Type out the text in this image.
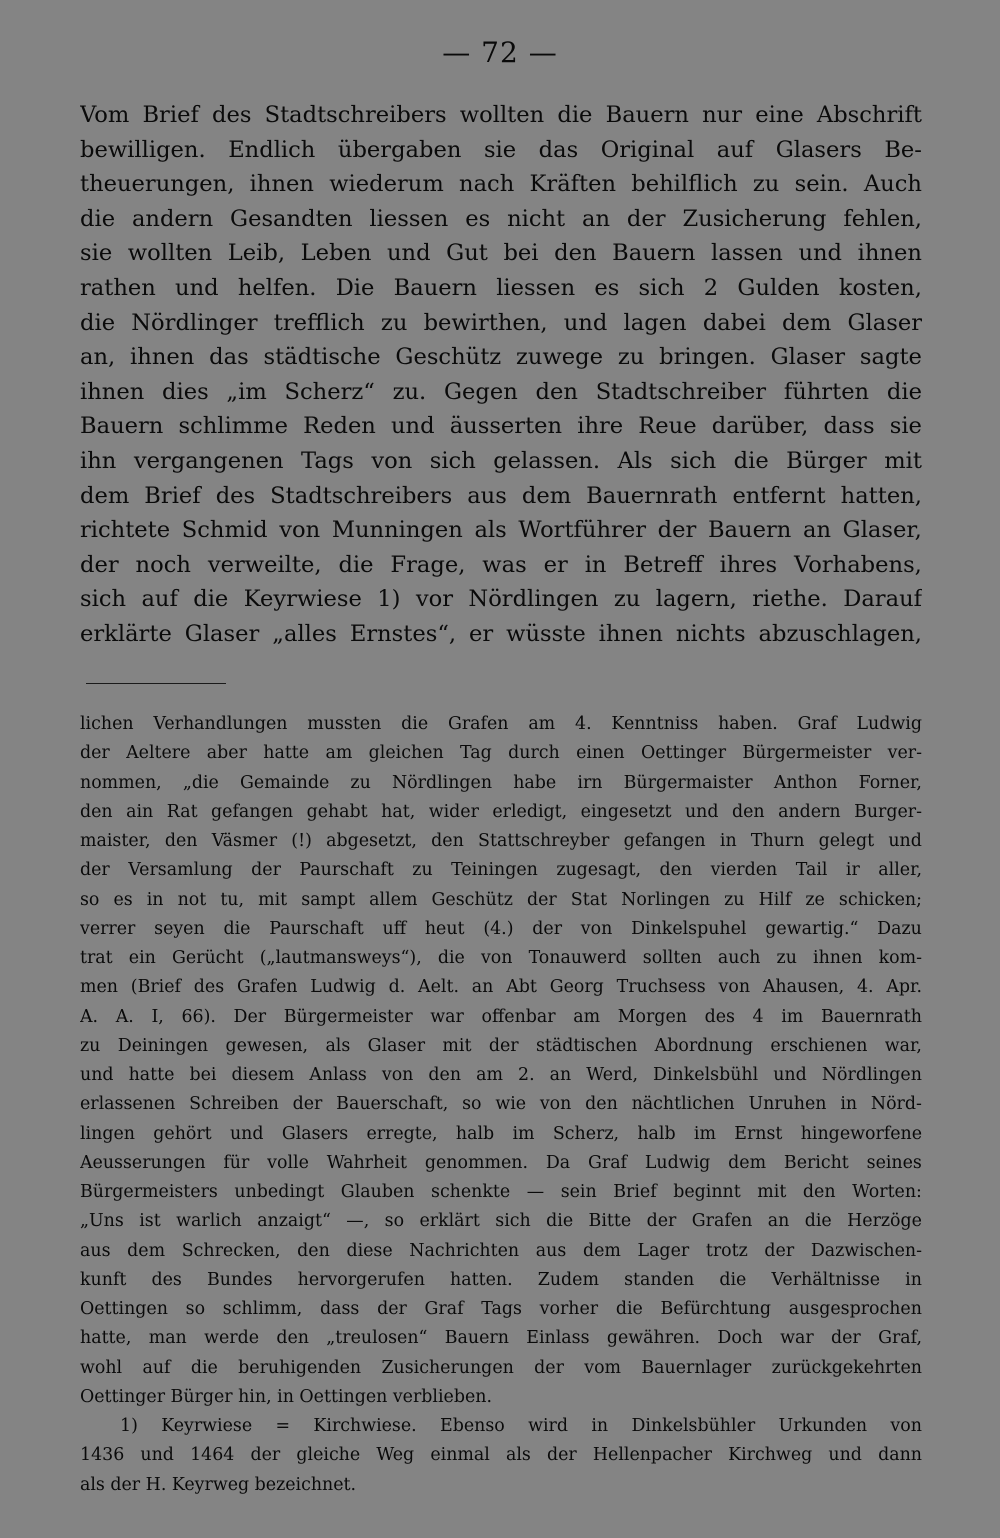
— 72 —
Vom Brief des Stadtschreibers wollten die Bauern nur eine Abschrift
bewilligen. Endlich übergaben sie das Original auf Glasers Be-
theuerungen, ihnen wiederum nach Kräften behilflich zu sein. Auch
die andern Gesandten liessen es nicht an der Zusicherung fehlen,
sie wollten Leib, Leben und Gut bei den Bauern lassen und ihnen
rathen und helfen. Die Bauern liessen es sich 2 Gulden kosten,
die Nördlinger trefflich zu bewirthen, und lagen dabei dem Glaser
an, ihnen das städtische Geschütz zuwege zu bringen. Glaser sagte
ihnen dies „im Scherz“ zu. Gegen den Stadtschreiber führten die
Bauern schlimme Reden und äusserten ihre Reue darüber, dass sie
ihn vergangenen Tags von sich gelassen. Als sich die Bürger mit
dem Brief des Stadtschreibers aus dem Bauernrath entfernt hatten,
richtete Schmid von Munningen als Wortführer der Bauern an Glaser,
der noch verweilte, die Frage, was er in Betreff ihres Vorhabens,
sich auf die Keyrwiese 1) vor Nördlingen zu lagern, riethe. Darauf
erklärte Glaser „alles Ernstes“, er wüsste ihnen nichts abzuschlagen,
lichen Verhandlungen mussten die Grafen am 4. Kenntniss haben. Graf Ludwig
der Aeltere aber hatte am gleichen Tag durch einen Oettinger Bürgermeister ver-
nommen, „die Gemainde zu Nördlingen habe irn Bürgermaister Anthon Forner,
den ain Rat gefangen gehabt hat, wider erledigt, eingesetzt und den andern Burger-
maister, den Väsmer (!) abgesetzt, den Stattschreyber gefangen in Thurn gelegt und
der Versamlung der Paurschaft zu Teiningen zugesagt, den vierden Tail ir aller,
so es in not tu, mit sampt allem Geschütz der Stat Norlingen zu Hilf ze schicken;
verrer seyen die Paurschaft uff heut (4.) der von Dinkelspuhel gewartig.“ Dazu
trat ein Gerücht („lautmansweys“), die von Tonauwerd sollten auch zu ihnen kom-
men (Brief des Grafen Ludwig d. Aelt. an Abt Georg Truchsess von Ahausen, 4. Apr.
A. A. I, 66). Der Bürgermeister war offenbar am Morgen des 4 im Bauernrath
zu Deiningen gewesen, als Glaser mit der städtischen Abordnung erschienen war,
und hatte bei diesem Anlass von den am 2. an Werd, Dinkelsbühl und Nördlingen
erlassenen Schreiben der Bauerschaft, so wie von den nächtlichen Unruhen in Nörd-
lingen gehört und Glasers erregte, halb im Scherz, halb im Ernst hingeworfene
Aeusserungen für volle Wahrheit genommen. Da Graf Ludwig dem Bericht seines
Bürgermeisters unbedingt Glauben schenkte — sein Brief beginnt mit den Worten:
„Uns ist warlich anzaigt“ —, so erklärt sich die Bitte der Grafen an die Herzöge
aus dem Schrecken, den diese Nachrichten aus dem Lager trotz der Dazwischen-
kunft des Bundes hervorgerufen hatten. Zudem standen die Verhältnisse in
Oettingen so schlimm, dass der Graf Tags vorher die Befürchtung ausgesprochen
hatte, man werde den „treulosen“ Bauern Einlass gewähren. Doch war der Graf,
wohl auf die beruhigenden Zusicherungen der vom Bauernlager zurückgekehrten
Oettinger Bürger hin, in Oettingen verblieben.
1) Keyrwiese = Kirchwiese. Ebenso wird in Dinkelsbühler Urkunden von
1436 und 1464 der gleiche Weg einmal als der Hellenpacher Kirchweg und dann
als der H. Keyrweg bezeichnet.
